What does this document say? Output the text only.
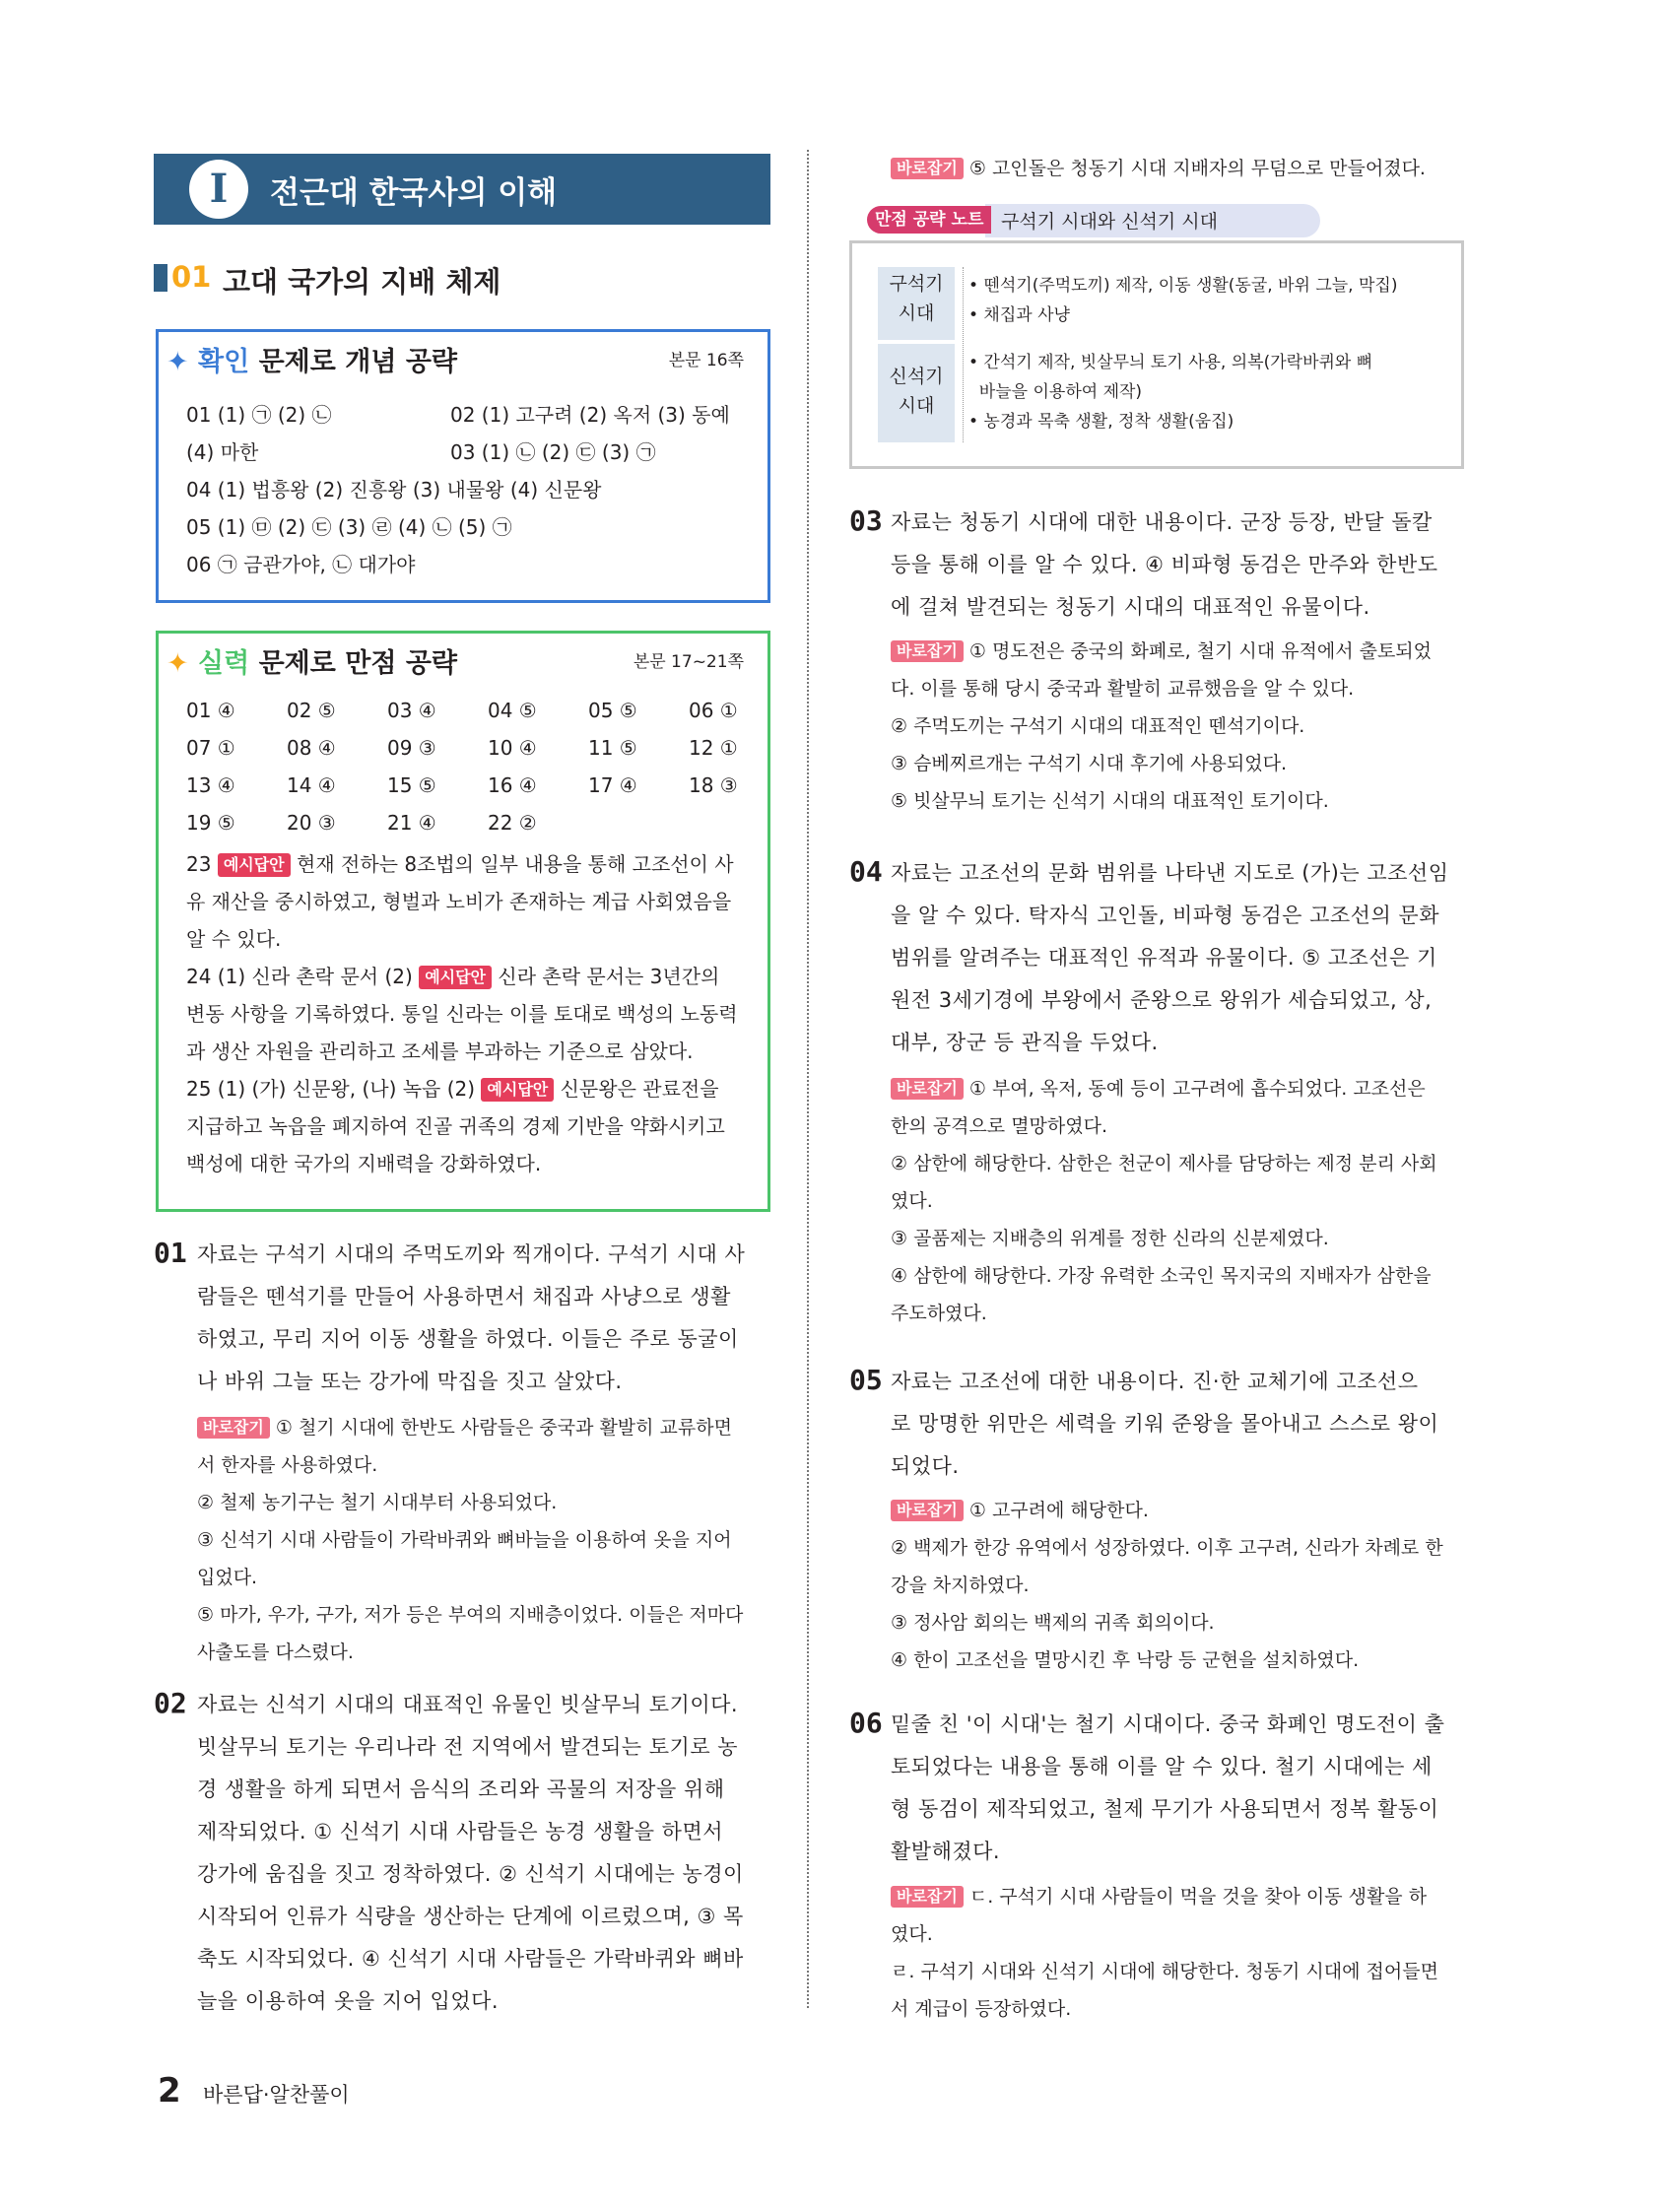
I	전근대 한국사의 이해
01 고대 국가의 지배 체제
✦ 확인 문제로 개념 공략	본문 16쪽
01 (1) ㉠ (2) ㉡	02 (1) 고구려 (2) 옥저 (3) 동예
(4) 마한	03 (1) ㉡ (2) ㉢ (3) ㉠
04 (1) 법흥왕 (2) 진흥왕 (3) 내물왕 (4) 신문왕
05 (1) ㉤ (2) ㉢ (3) ㉣ (4) ㉡ (5) ㉠
06 ㉠ 금관가야, ㉡ 대가야
✦ 실력 문제로 만점 공략	본문 17~21쪽
01 ④	02 ⑤	03 ④	04 ⑤	05 ⑤	06 ①
07 ①	08 ④	09 ③	10 ④	11 ⑤	12 ①
13 ④	14 ④	15 ⑤	16 ④	17 ④	18 ③
19 ⑤	20 ③	21 ④	22 ②
23 예시답안 현재 전하는 8조법의 일부 내용을 통해 고조선이 사
유 재산을 중시하였고, 형벌과 노비가 존재하는 계급 사회였음을
알 수 있다.
24 (1) 신라 촌락 문서 (2) 예시답안 신라 촌락 문서는 3년간의
변동 사항을 기록하였다. 통일 신라는 이를 토대로 백성의 노동력
과 생산 자원을 관리하고 조세를 부과하는 기준으로 삼았다.
25 (1) (가) 신문왕, (나) 녹읍 (2) 예시답안 신문왕은 관료전을
지급하고 녹읍을 폐지하여 진골 귀족의 경제 기반을 약화시키고
백성에 대한 국가의 지배력을 강화하였다.
01 자료는 구석기 시대의 주먹도끼와 찍개이다. 구석기 시대 사
람들은 뗀석기를 만들어 사용하면서 채집과 사냥으로 생활
하였고, 무리 지어 이동 생활을 하였다. 이들은 주로 동굴이
나 바위 그늘 또는 강가에 막집을 짓고 살았다.
바로잡기 ① 철기 시대에 한반도 사람들은 중국과 활발히 교류하면
서 한자를 사용하였다.
② 철제 농기구는 철기 시대부터 사용되었다.
③ 신석기 시대 사람들이 가락바퀴와 뼈바늘을 이용하여 옷을 지어
입었다.
⑤ 마가, 우가, 구가, 저가 등은 부여의 지배층이었다. 이들은 저마다
사출도를 다스렸다.
02 자료는 신석기 시대의 대표적인 유물인 빗살무늬 토기이다.
빗살무늬 토기는 우리나라 전 지역에서 발견되는 토기로 농
경 생활을 하게 되면서 음식의 조리와 곡물의 저장을 위해
제작되었다. ① 신석기 시대 사람들은 농경 생활을 하면서
강가에 움집을 짓고 정착하였다. ② 신석기 시대에는 농경이
시작되어 인류가 식량을 생산하는 단계에 이르렀으며, ③ 목
축도 시작되었다. ④ 신석기 시대 사람들은 가락바퀴와 뼈바
늘을 이용하여 옷을 지어 입었다.
바로잡기 ⑤ 고인돌은 청동기 시대 지배자의 무덤으로 만들어졌다.
만점 공략 노트 구석기 시대와 신석기 시대
구석기
시대
• 뗀석기(주먹도끼) 제작, 이동 생활(동굴, 바위 그늘, 막집)
• 채집과 사냥
신석기
시대
• 간석기 제작, 빗살무늬 토기 사용, 의복(가락바퀴와 뼈
바늘을 이용하여 제작)
• 농경과 목축 생활, 정착 생활(움집)
03 자료는 청동기 시대에 대한 내용이다. 군장 등장, 반달 돌칼
등을 통해 이를 알 수 있다. ④ 비파형 동검은 만주와 한반도
에 걸쳐 발견되는 청동기 시대의 대표적인 유물이다.
바로잡기 ① 명도전은 중국의 화폐로, 철기 시대 유적에서 출토되었
다. 이를 통해 당시 중국과 활발히 교류했음을 알 수 있다.
② 주먹도끼는 구석기 시대의 대표적인 뗀석기이다.
③ 슴베찌르개는 구석기 시대 후기에 사용되었다.
⑤ 빗살무늬 토기는 신석기 시대의 대표적인 토기이다.
04 자료는 고조선의 문화 범위를 나타낸 지도로 (가)는 고조선임
을 알 수 있다. 탁자식 고인돌, 비파형 동검은 고조선의 문화
범위를 알려주는 대표적인 유적과 유물이다. ⑤ 고조선은 기
원전 3세기경에 부왕에서 준왕으로 왕위가 세습되었고, 상,
대부, 장군 등 관직을 두었다.
바로잡기 ① 부여, 옥저, 동예 등이 고구려에 흡수되었다. 고조선은
한의 공격으로 멸망하였다.
② 삼한에 해당한다. 삼한은 천군이 제사를 담당하는 제정 분리 사회
였다.
③ 골품제는 지배층의 위계를 정한 신라의 신분제였다.
④ 삼한에 해당한다. 가장 유력한 소국인 목지국의 지배자가 삼한을
주도하였다.
05 자료는 고조선에 대한 내용이다. 진·한 교체기에 고조선으
로 망명한 위만은 세력을 키워 준왕을 몰아내고 스스로 왕이
되었다.
바로잡기 ① 고구려에 해당한다.
② 백제가 한강 유역에서 성장하였다. 이후 고구려, 신라가 차례로 한
강을 차지하였다.
③ 정사암 회의는 백제의 귀족 회의이다.
④ 한이 고조선을 멸망시킨 후 낙랑 등 군현을 설치하였다.
06 밑줄 친 '이 시대'는 철기 시대이다. 중국 화폐인 명도전이 출
토되었다는 내용을 통해 이를 알 수 있다. 철기 시대에는 세
형 동검이 제작되었고, 철제 무기가 사용되면서 정복 활동이
활발해졌다.
바로잡기 ㄷ. 구석기 시대 사람들이 먹을 것을 찾아 이동 생활을 하
였다.
ㄹ. 구석기 시대와 신석기 시대에 해당한다. 청동기 시대에 접어들면
서 계급이 등장하였다.
2 바른답·알찬풀이
